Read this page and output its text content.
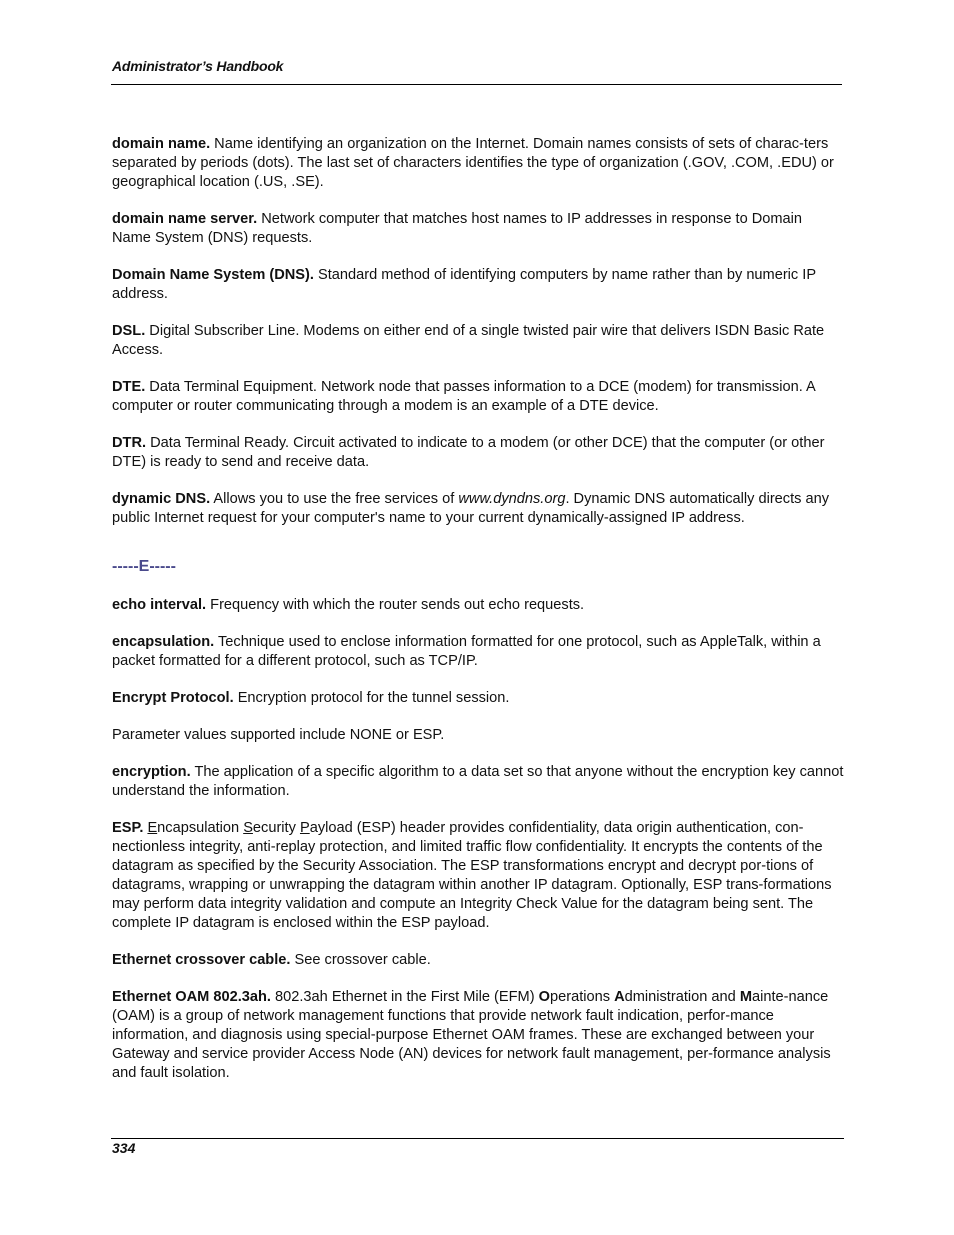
Administrator’s Handbook

domain name. Name identifying an organization on the Internet. Domain names consists of sets of charac-ters separated by periods (dots). The last set of characters identifies the type of organization (.GOV, .COM, .EDU) or geographical location (.US, .SE).

domain name server. Network computer that matches host names to IP addresses in response to Domain Name System (DNS) requests.

Domain Name System (DNS). Standard method of identifying computers by name rather than by numeric IP address.

DSL. Digital Subscriber Line. Modems on either end of a single twisted pair wire that delivers ISDN Basic Rate Access.

DTE. Data Terminal Equipment. Network node that passes information to a DCE (modem) for transmission. A computer or router communicating through a modem is an example of a DTE device.

DTR. Data Terminal Ready. Circuit activated to indicate to a modem (or other DCE) that the computer (or other DTE) is ready to send and receive data.

dynamic DNS. Allows you to use the free services of www.dyndns.org. Dynamic DNS automatically directs any public Internet request for your computer's name to your current dynamically-assigned IP address.

-----E-----

echo interval. Frequency with which the router sends out echo requests.

encapsulation. Technique used to enclose information formatted for one protocol, such as AppleTalk, within a packet formatted for a different protocol, such as TCP/IP.

Encrypt Protocol. Encryption protocol for the tunnel session.

Parameter values supported include NONE or ESP.

encryption. The application of a specific algorithm to a data set so that anyone without the encryption key cannot understand the information.

ESP. Encapsulation Security Payload (ESP) header provides confidentiality, data origin authentication, con-nectionless integrity, anti-replay protection, and limited traffic flow confidentiality. It encrypts the contents of the datagram as specified by the Security Association. The ESP transformations encrypt and decrypt por-tions of datagrams, wrapping or unwrapping the datagram within another IP datagram. Optionally, ESP trans-formations may perform data integrity validation and compute an Integrity Check Value for the datagram being sent. The complete IP datagram is enclosed within the ESP payload.

Ethernet crossover cable. See crossover cable.

Ethernet OAM 802.3ah. 802.3ah Ethernet in the First Mile (EFM) Operations Administration and Mainte-nance (OAM) is a group of network management functions that provide network fault indication, perfor-mance information, and diagnosis using special-purpose Ethernet OAM frames. These are exchanged between your Gateway and service provider Access Node (AN) devices for network fault management, per-formance analysis and fault isolation.

334
